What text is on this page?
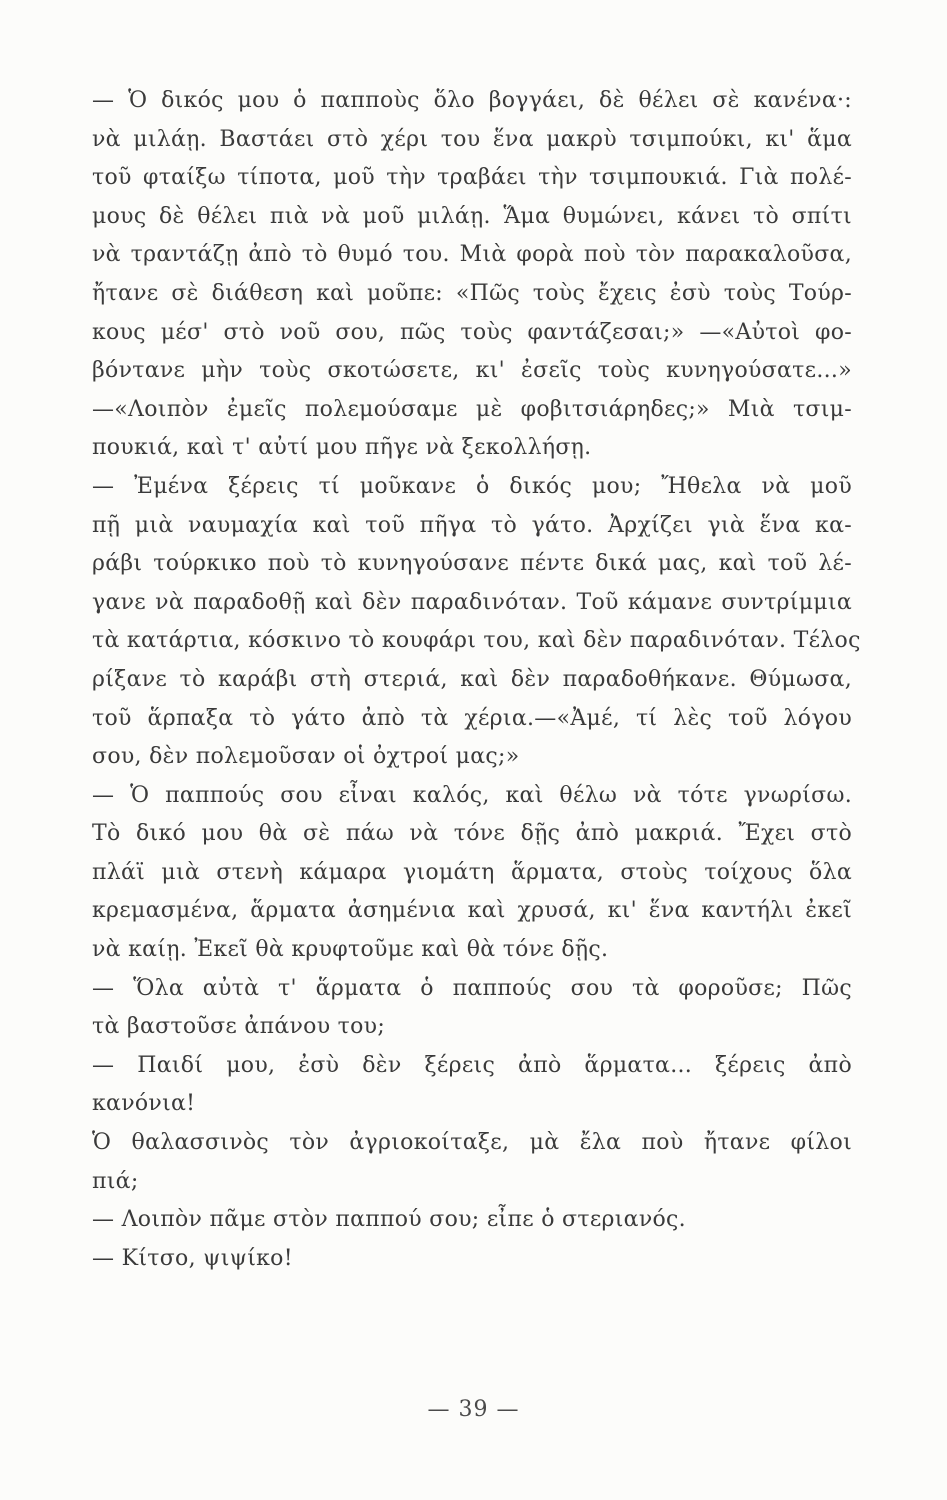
— Ὁ δικός μου ὁ παπποὺς ὅλο βογγάει, δὲ θέλει σὲ κανένα·:
νὰ μιλάῃ. Βαστάει στὸ χέρι του ἕνα μακρὺ τσιμπούκι, κι' ἅμα
τοῦ φταίξω τίποτα, μοῦ τὴν τραβάει τὴν τσιμπουκιά. Γιὰ πολέ-
μους δὲ θέλει πιὰ νὰ μοῦ μιλάῃ. Ἅμα θυμώνει, κάνει τὸ σπίτι
νὰ τραντάζῃ ἀπὸ τὸ θυμό του. Μιὰ φορὰ ποὺ τὸν παρακαλοῦσα,
ἤτανε σὲ διάθεση καὶ μοῦπε: «Πῶς τοὺς ἔχεις ἐσὺ τοὺς Τούρ-
κους μέσ' στὸ νοῦ σου, πῶς τοὺς φαντάζεσαι;» —«Αὐτοὶ φο-
βόντανε μὴν τοὺς σκοτώσετε, κι' ἐσεῖς τοὺς κυνηγούσατε...»
—«Λοιπὸν ἐμεῖς πολεμούσαμε μὲ φοβιτσιάρηδες;» Μιὰ τσιμ-
πουκιά, καὶ τ' αὐτί μου πῆγε νὰ ξεκολλήσῃ.
— Ἐμένα ξέρεις τί μοῦκανε ὁ δικός μου; Ἤθελα νὰ μοῦ
πῇ μιὰ ναυμαχία καὶ τοῦ πῆγα τὸ γάτο. Ἀρχίζει γιὰ ἕνα κα-
ράβι τούρκικο ποὺ τὸ κυνηγούσανε πέντε δικά μας, καὶ τοῦ λέ-
γανε νὰ παραδοθῇ καὶ δὲν παραδινόταν. Τοῦ κάμανε συντρίμμια
τὰ κατάρτια, κόσκινο τὸ κουφάρι του, καὶ δὲν παραδινόταν. Τέλος
ρίξανε τὸ καράβι στὴ στεριά, καὶ δὲν παραδοθήκανε. Θύμωσα,
τοῦ ἅρπαξα τὸ γάτο ἀπὸ τὰ χέρια.—«Ἀμέ, τί λὲς τοῦ λόγου
σου, δὲν πολεμοῦσαν οἱ ὀχτροί μας;»
— Ὁ παππούς σου εἶναι καλός, καὶ θέλω νὰ τότε γνωρίσω.
Τὸ δικό μου θὰ σὲ πάω νὰ τόνε δῇς ἀπὸ μακριά. Ἔχει στὸ
πλάϊ μιὰ στενὴ κάμαρα γιομάτη ἅρματα, στοὺς τοίχους ὅλα
κρεμασμένα, ἅρματα ἀσημένια καὶ χρυσά, κι' ἕνα καντήλι ἐκεῖ
νὰ καίῃ. Ἐκεῖ θὰ κρυφτοῦμε καὶ θὰ τόνε δῇς.
— Ὅλα αὐτὰ τ' ἅρματα ὁ παππούς σου τὰ φοροῦσε; Πῶς
τὰ βαστοῦσε ἀπάνου του;
— Παιδί μου, ἐσὺ δὲν ξέρεις ἀπὸ ἅρματα... ξέρεις ἀπὸ
κανόνια!
Ὁ θαλασσινὸς τὸν ἀγριοκοίταξε, μὰ ἔλα ποὺ ἤτανε φίλοι
πιά;
— Λοιπὸν πᾶμε στὸν παππού σου; εἶπε ὁ στεριανός.
— Κίτσο, ψιψίκο!
— 39 —
